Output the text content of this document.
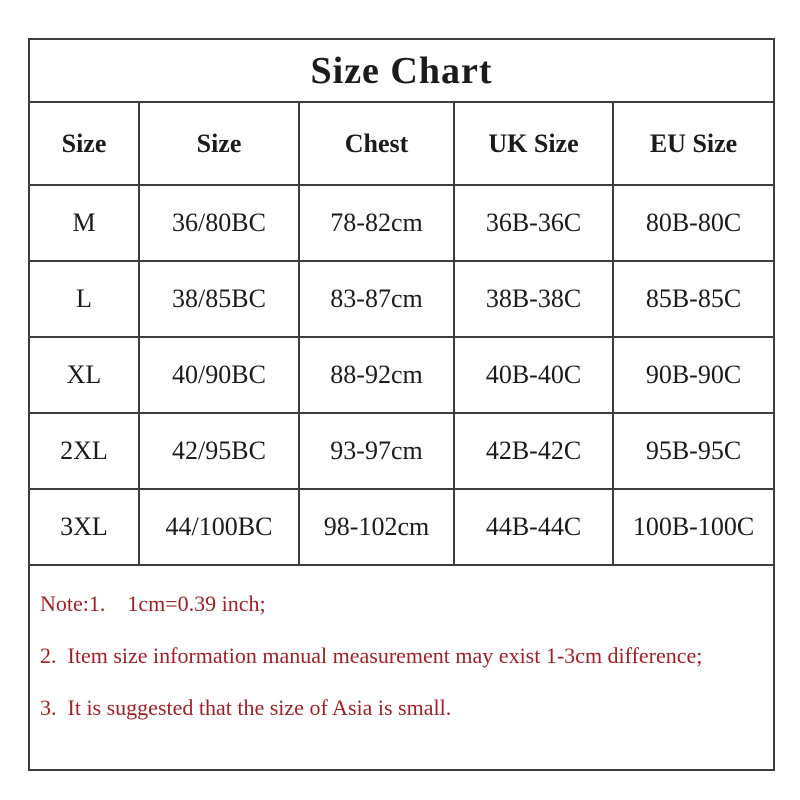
Size Chart				
Size	Size	Chest	UK Size	EU Size
M	36/80BC	78-82cm	36B-36C	80B-80C
L	38/85BC	83-87cm	38B-38C	85B-85C
XL	40/90BC	88-92cm	40B-40C	90B-90C
2XL	42/95BC	93-97cm	42B-42C	95B-95C
3XL	44/100BC	98-102cm	44B-44C	100B-100C

Note:1.    1cm=0.39 inch;
2.  Item size information manual measurement may exist 1-3cm difference;
3.  It is suggested that the size of Asia is small.				
